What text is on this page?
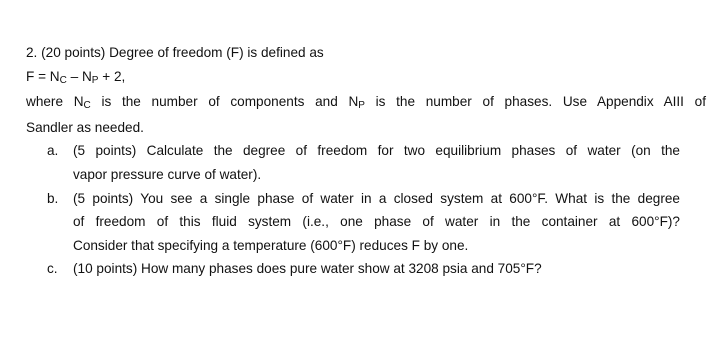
2. (20 points) Degree of freedom (F) is defined as
F = NC – NP + 2,
where NC is the number of components and NP is the number of phases. Use Appendix AIII of
Sandler as needed.
a.	(5 points) Calculate the degree of freedom for two equilibrium phases of water (on the
vapor pressure curve of water).
b.	(5 points) You see a single phase of water in a closed system at 600°F. What is the degree
of freedom of this fluid system (i.e., one phase of water in the container at 600°F)?
Consider that specifying a temperature (600°F) reduces F by one.
c.	(10 points) How many phases does pure water show at 3208 psia and 705°F?
